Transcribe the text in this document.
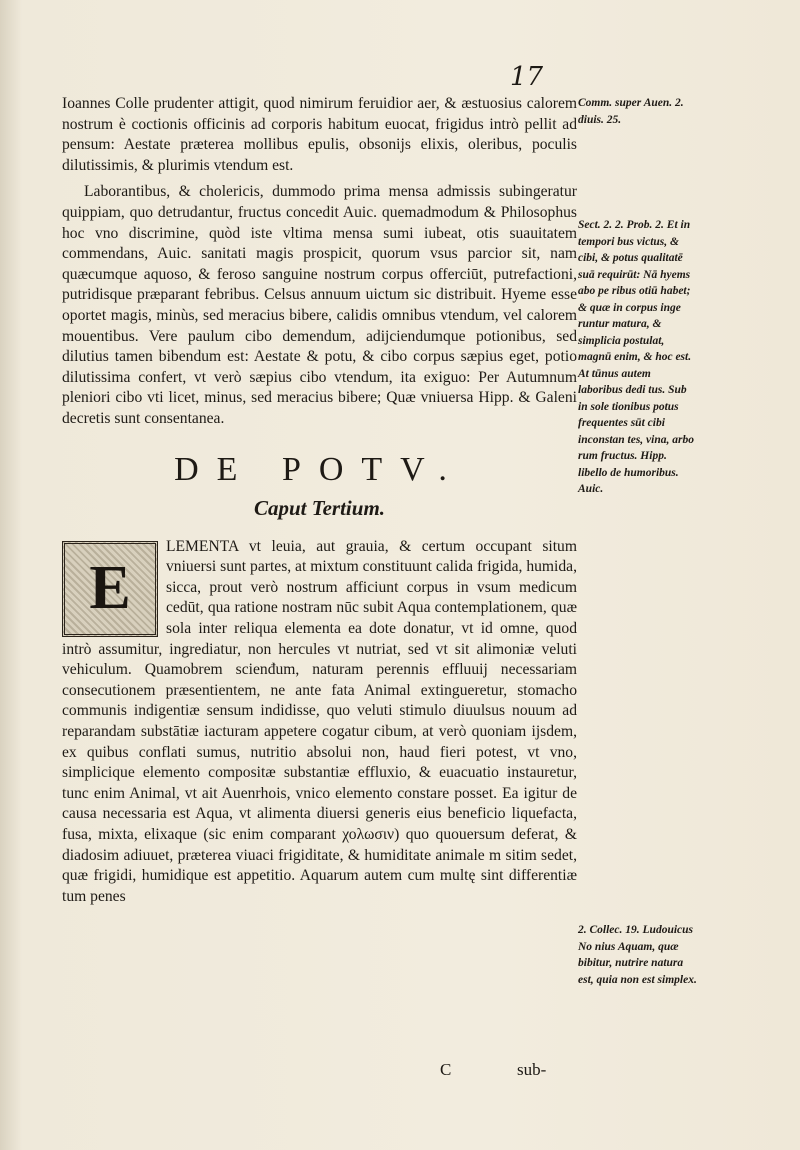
17

Ioannes Colle prudenter attigit, quod nimirum feruidior aer, & æstuosius calorem nostrum è coctionis officinis ad corporis habitum euocat, frigidus intrò pellit ad pensum: Aestate præterea mollibus epulis, obsonijs elixis, oleribus, poculis dilutissimis, & plurimis vtendum est.

Laborantibus, & cholericis, dummodo prima mensa admissis subingeratur quippiam, quo detrudantur, fructus concedit Auic. quemadmodum & Philosophus hoc vno discrimine, quòd iste vltima mensa sumi iubeat, otis suauitatem commendans, Auic. sanitati magis prospicit, quorum vsus parcior sit, nam quæcumque aquoso, & feroso sanguine nostrum corpus offerciūt, putrefactioni, putridisque præparant febribus. Celsus annuum uictum sic distribuit. Hyeme esse oportet magis, minùs, sed meracius bibere, calidis omnibus vtendum, vel calorem mouentibus. Vere paulum cibo demendum, adijciendumque potionibus, sed dilutius tamen bibendum est: Aestate & potu, & cibo corpus sæpius eget, potio dilutissima confert, vt verò sæpius cibo vtendum, ita exiguo: Per Autumnum pleniori cibo vti licet, minus, sed meracius bibere; Quæ vniuersa Hipp. & Galeni decretis sunt consentanea.

DE POTV.
Caput Tertium.
E

LEMENTA vt leuia, aut grauia, & certum occupant situm vniuersi sunt partes, at mixtum constituunt calida frigida, humida, sicca, prout verò nostrum afficiunt corpus in vsum medicum cedūt, qua ratione nostram nūc subit Aqua contemplationem, quæ sola inter reliqua elementa ea dote donatur, vt id omne, quod intrò assumitur, ingrediatur, non hercules vt nutriat, sed vt sit alimoniæ veluti vehiculum. Quamobrem scienđum, naturam perennis effluuij necessariam consecutionem præsentientem, ne ante fata Animal extingueretur, stomacho communis indigentiæ sensum indidisse, quo veluti stimulo diuulsus nouum ad reparandam substātiæ iacturam appetere cogatur cibum, at verò quoniam ijsdem, ex quibus conflati sumus, nutritio absolui non, haud fieri potest, vt vno, simplicique elemento compositæ substantiæ effluxio, & euacuatio instauretur, tunc enim Animal, vt ait Auenrhois, vnico elemento constare posset. Ea igitur de causa necessaria est Aqua, vt alimenta diuersi generis eius beneficio liquefacta, fusa, mixta, elixaque (sic enim comparant χολωσιν) quo quouersum deferat, & diadosim adiuuet, præterea viuaci frigiditate, & humiditate animale m sitim sedet, quæ frigidi, humidique est appetitio. Aquarum autem cum multę sint differentiæ tum penes

Comm. super Auen. 2. diuis. 25.
Sect. 2. 2. Prob. 2. Et in tempori bus victus, & cibi, & potus qualitatē suā requirūt: Nā hyems abo pe ribus otiū habet; & quæ in corpus inge runtur matura, & simplicia postulat, magnū enim, & hoc est. At tūnus autem laboribus dedi tus. Sub in sole tionibus potus frequentes sūt cibi inconstan tes, vina, arbo rum fructus. Hipp. libello de humoribus. Auic.
2. Collec. 19. Ludouicus No nius Aquam, quæ bibitur, nutrire natura est, quia non est simplex.
C	sub-
